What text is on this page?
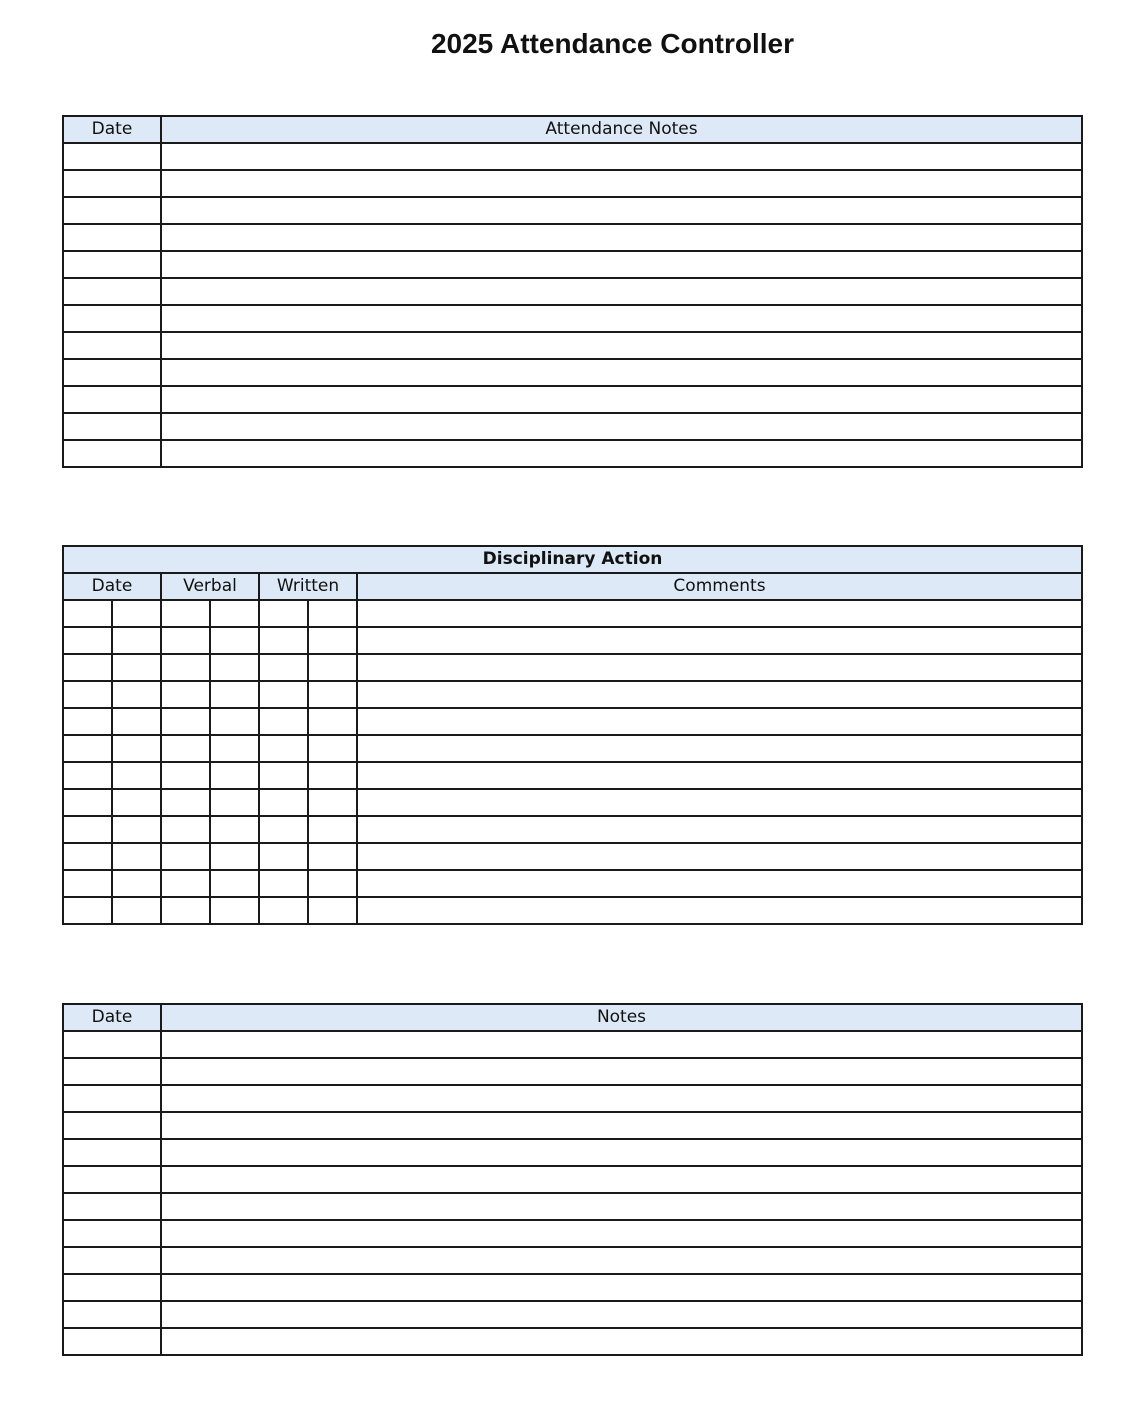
2025 Attendance Controller
Date	Attendance Notes

Disciplinary Action						
Date		Verbal		Written		Comments

Date	Notes
